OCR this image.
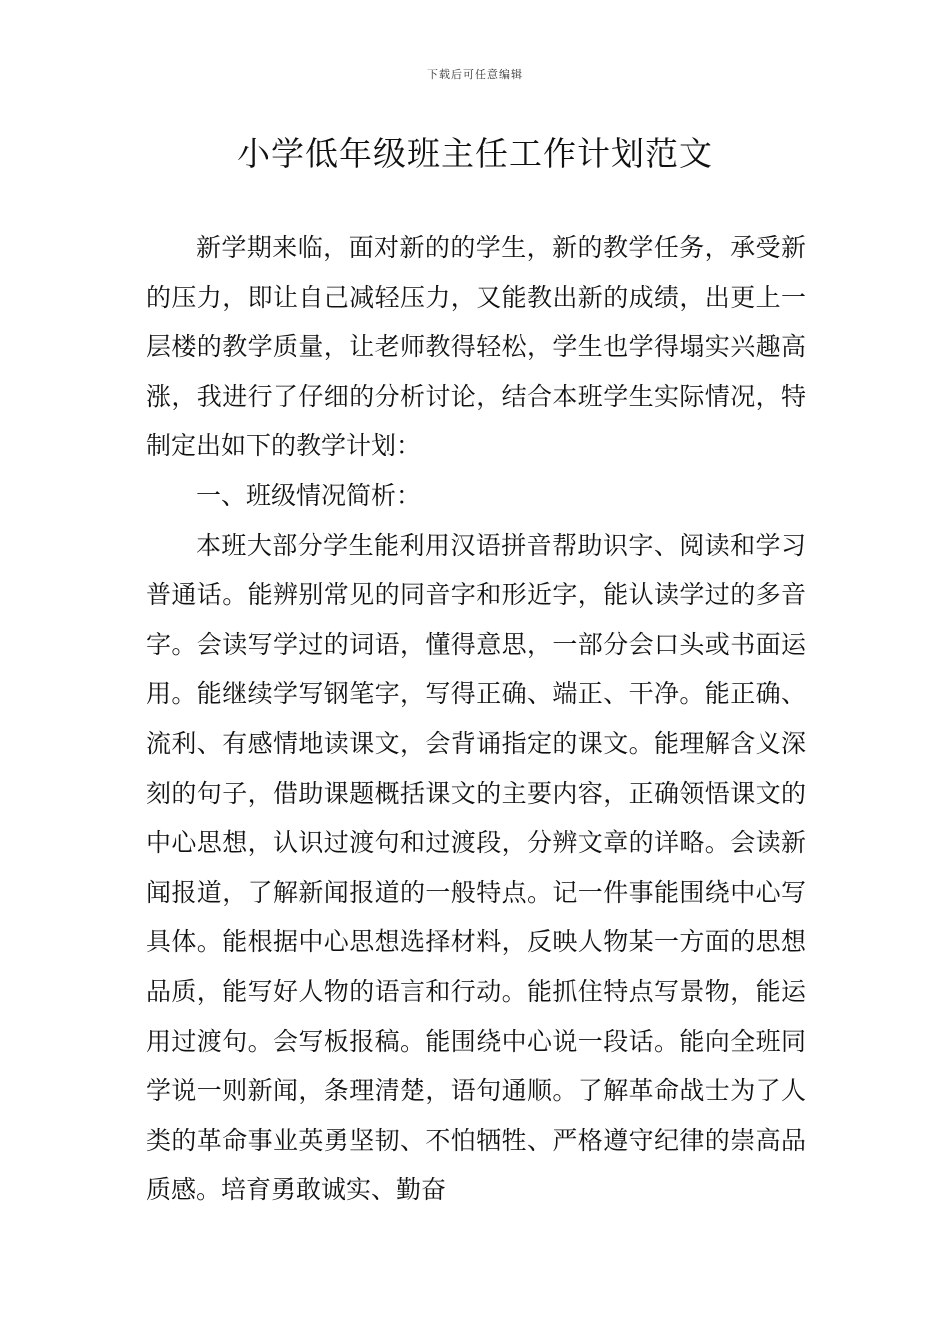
下载后可任意编辑
小学低年级班主任工作计划范文

新学期来临，面对新的的学生，新的教学任务，承受新的压力，即让自己减轻压力，又能教出新的成绩，出更上一层楼的教学质量，让老师教得轻松，学生也学得塌实兴趣高涨，我进行了仔细的分析讨论，结合本班学生实际情况，特制定出如下的教学计划：

一、班级情况简析：

本班大部分学生能利用汉语拼音帮助识字、阅读和学习普通话。能辨别常见的同音字和形近字，能认读学过的多音字。会读写学过的词语，懂得意思，一部分会口头或书面运用。能继续学写钢笔字，写得正确、端正、干净。能正确、流利、有感情地读课文，会背诵指定的课文。能理解含义深刻的句子，借助课题概括课文的主要内容，正确领悟课文的中心思想，认识过渡句和过渡段，分辨文章的详略。会读新闻报道，了解新闻报道的一般特点。记一件事能围绕中心写具体。能根据中心思想选择材料，反映人物某一方面的思想品质，能写好人物的语言和行动。能抓住特点写景物，能运用过渡句。会写板报稿。能围绕中心说一段话。能向全班同学说一则新闻，条理清楚，语句通顺。了解革命战士为了人类的革命事业英勇坚韧、不怕牺牲、严格遵守纪律的崇高品质感。培育勇敢诚实、勤奋
